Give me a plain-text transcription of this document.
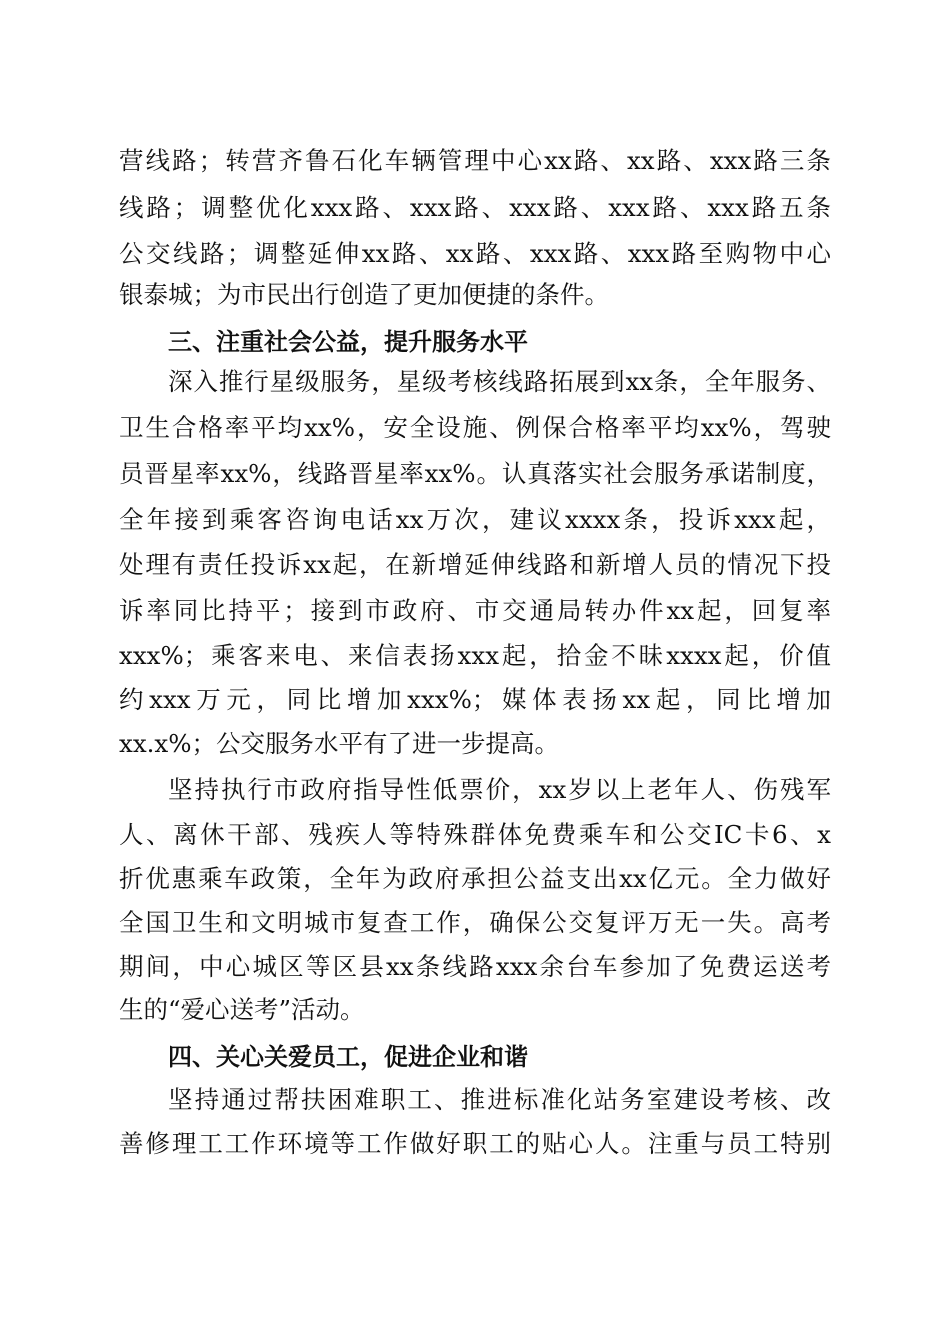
营线路；转营齐鲁石化车辆管理中心xx路、xx路、xxx路三条
线路；调整优化xxx路、xxx路、xxx路、xxx路、xxx路五条
公交线路；调整延伸xx路、xx路、xxx路、xxx路至购物中心
银泰城；为市民出行创造了更加便捷的条件。
三、注重社会公益，提升服务水平
深入推行星级服务，星级考核线路拓展到xx条，全年服务、
卫生合格率平均xx%，安全设施、例保合格率平均xx%，驾驶
员晋星率xx%，线路晋星率xx%。认真落实社会服务承诺制度，
全年接到乘客咨询电话xx万次，建议xxxx条，投诉xxx起，
处理有责任投诉xx起，在新增延伸线路和新增人员的情况下投
诉率同比持平；接到市政府、市交通局转办件xx起，回复率
xxx%；乘客来电、来信表扬xxx起，拾金不昧xxxx起，价值
约xxx万元，同比增加xxx%；媒体表扬xx起，同比增加
xx.x%；公交服务水平有了进一步提高。
坚持执行市政府指导性低票价，xx岁以上老年人、伤残军
人、离休干部、残疾人等特殊群体免费乘车和公交IC卡6、x
折优惠乘车政策，全年为政府承担公益支出xx亿元。全力做好
全国卫生和文明城市复查工作，确保公交复评万无一失。高考
期间，中心城区等区县xx条线路xxx余台车参加了免费运送考
生的“爱心送考”活动。
四、关心关爱员工，促进企业和谐
坚持通过帮扶困难职工、推进标准化站务室建设考核、改
善修理工工作环境等工作做好职工的贴心人。注重与员工特别
